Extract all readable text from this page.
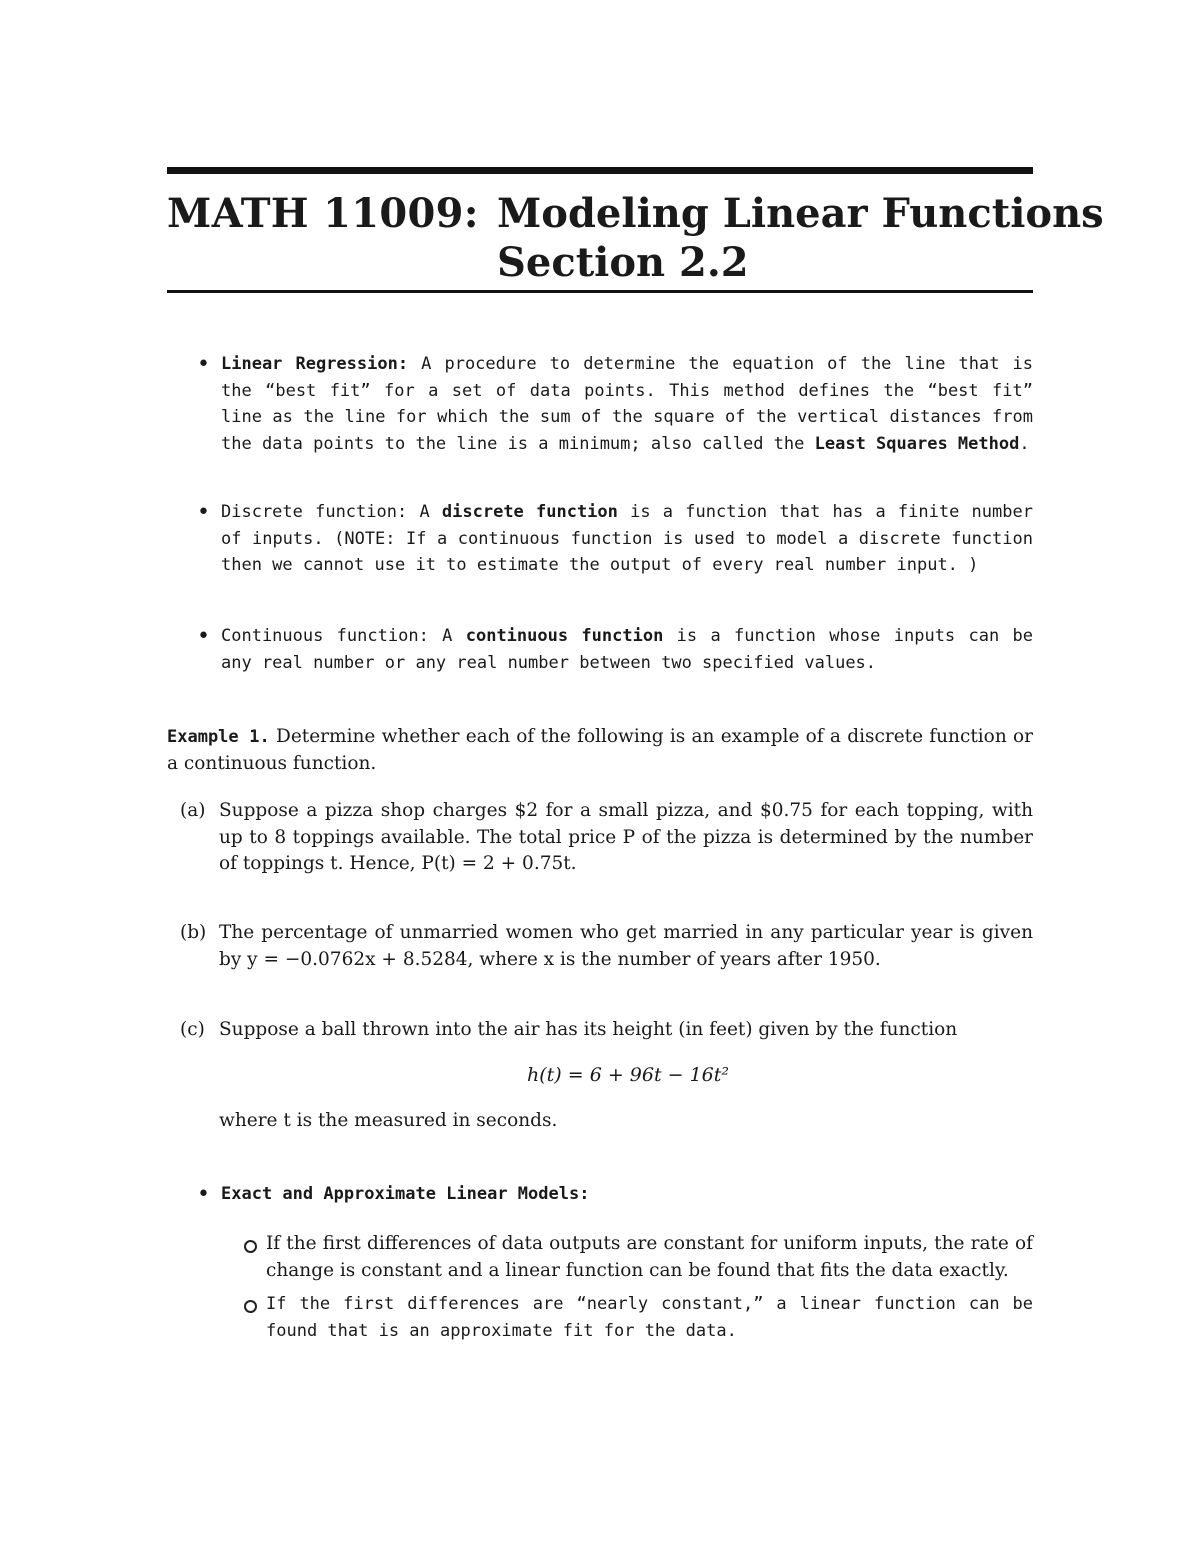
MATH 11009: Modeling Linear Functions
Section 2.2
•
Linear Regression: A procedure to determine the equation of the line that is the “best fit” for a set of data points. This method defines the “best fit” line as the line for which the sum of the square of the vertical distances from the data points to the line is a minimum; also called the Least Squares Method.
•
Discrete function: A discrete function is a function that has a finite number of inputs. (NOTE: If a continuous function is used to model a discrete function then we cannot use it to estimate the output of every real number input. )
•
Continuous function: A continuous function is a function whose inputs can be any real number or any real number between two specified values.
Example 1. Determine whether each of the following is an example of a discrete function or a continuous function.
(a) Suppose a pizza shop charges $2 for a small pizza, and $0.75 for each topping, with up to 8 toppings available. The total price P of the pizza is determined by the number of toppings t. Hence, P(t) = 2 + 0.75t.
(b) The percentage of unmarried women who get married in any particular year is given by y = −0.0762x + 8.5284, where x is the number of years after 1950.
(c) Suppose a ball thrown into the air has its height (in feet) given by the function
h(t) = 6 + 96t − 16t²
where t is the measured in seconds.
•
Exact and Approximate Linear Models:
If the first differences of data outputs are constant for uniform inputs, the rate of change is constant and a linear function can be found that fits the data exactly.
If the first differences are “nearly constant,” a linear function can be found that is an approximate fit for the data.
